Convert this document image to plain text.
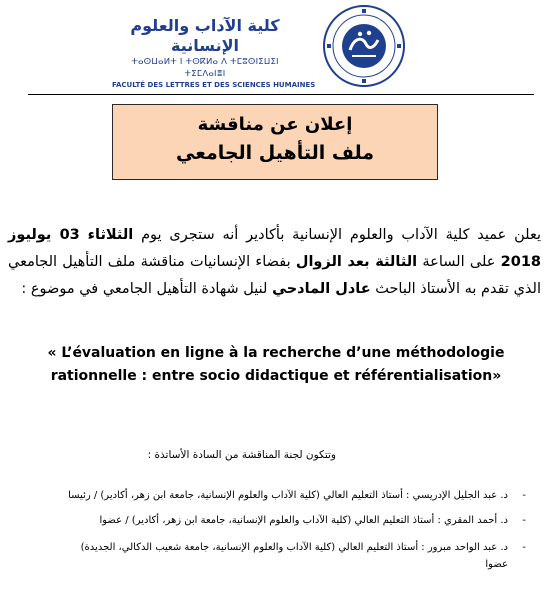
كلية الآداب والعلوم الإنسانية
ⵜⴰⵙⵡⴰⵍⵜ ⵏ ⵜⵙⴽⵍⴰ ⴷ ⵜⵎⵓⵙⵏⵉⵡⵉⵏ ⵜⵉⵎⴷⴰⵏⴻⵏ
FACULTÉ DES LETTRES ET DES SCIENCES HUMAINES
إعلان عن مناقشة
ملف التأهيل الجامعي
يعلن عميد كلية الآداب والعلوم الإنسانية بأكادير أنه ستجرى يوم الثلاثاء 03 يوليوز 2018 على الساعة الثالثة بعد الزوال بفضاء الإنسانيات مناقشة ملف التأهيل الجامعي الذي تقدم به الأستاذ الباحث عادل المادحي لنيل شهادة التأهيل الجامعي في موضوع :
« L’évaluation en ligne à la recherche d’une méthodologie rationnelle : entre socio didactique et référentialisation»
وتتكون لجنة المناقشة من السادة الأساتذة :
-
د. عبد الجليل الإدريسي : أستاذ التعليم العالي (كلية الآداب والعلوم الإنسانية، جامعة ابن زهر، أكادير) / رئيسا
-
د. أحمد المقري : أستاذ التعليم العالي (كلية الآداب والعلوم الإنسانية، جامعة ابن زهر، أكادير) / عضوا
-
د. عبد الواحد مبرور : أستاذ التعليم العالي (كلية الآداب والعلوم الإنسانية، جامعة شعيب الدكالي، الجديدة)
عضوا
